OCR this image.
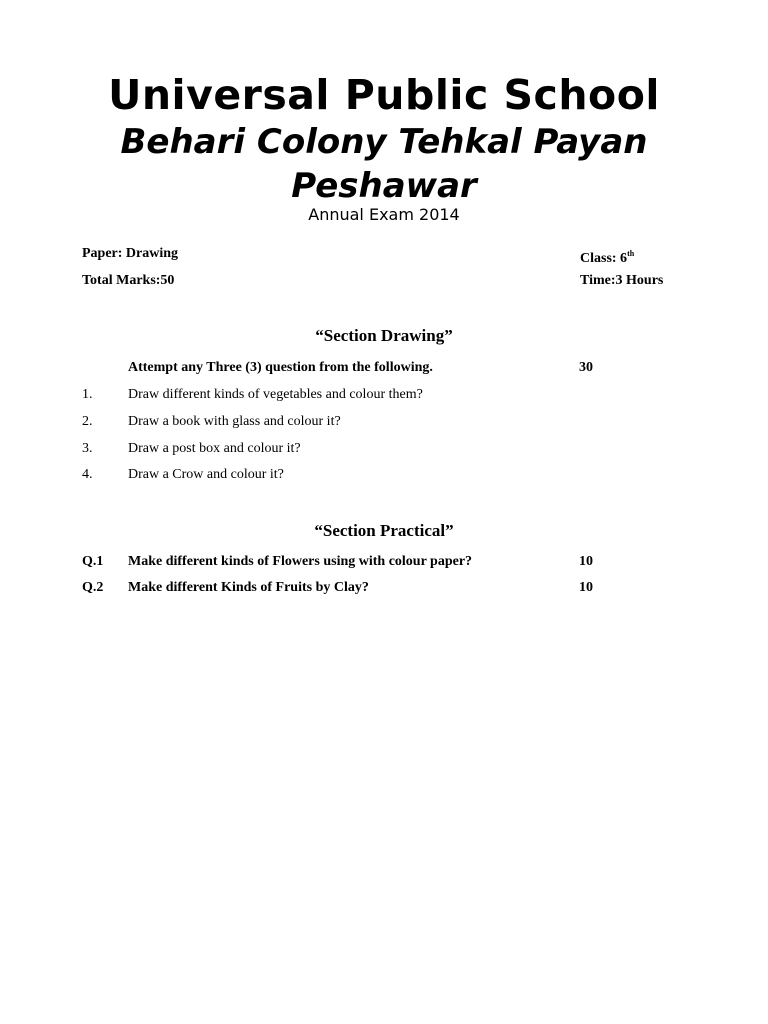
Universal Public School
Behari Colony Tehkal Payan Peshawar
Annual Exam 2014
Paper: Drawing	Class: 6th
Total Marks:50	Time:3 Hours
“Section Drawing”
Attempt any Three (3) question from the following.	30
1.	Draw different kinds of vegetables and colour them?
2.	Draw a book with glass and colour it?
3.	Draw a post box and colour it?
4.	Draw a Crow and colour it?
“Section Practical”
Q.1 Make different kinds of Flowers using with colour paper?	10
Q.2 Make different Kinds of Fruits by Clay?	10
